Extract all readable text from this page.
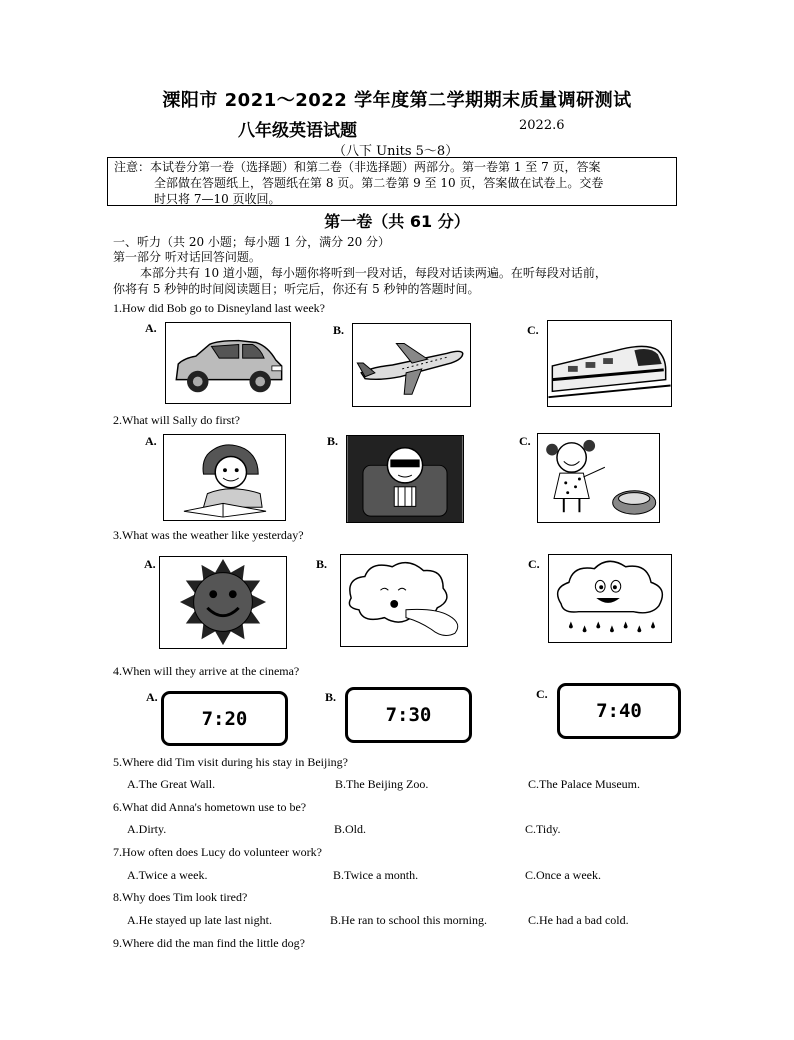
溧阳市 2021～2022 学年度第二学期期末质量调研测试
八年级英语试题	2022.6
（八下 Units 5～8）
注意：本试卷分第一卷（选择题）和第二卷（非选择题）两部分。第一卷第 1 至 7 页，答案
全部做在答题纸上，答题纸在第 8 页。第二卷第 9 至 10 页，答案做在试卷上。交卷
时只将 7—10 页收回。
第一卷（共 61 分）
一、听力（共 20 小题；每小题 1 分，满分 20 分）
第一部分 听对话回答问题。
本部分共有 10 道小题，每小题你将听到一段对话，每段对话读两遍。在听每段对话前，
你将有 5 秒钟的时间阅读题目；听完后，你还有 5 秒钟的答题时间。
1.How did Bob go to Disneyland last week?
A.	B.	C.
2.What will Sally do first?
A.	B.	C.
3.What was the weather like yesterday?
A.	B.	C.
4.When will they arrive at the cinema?
A.
7:20
B.
7:30
C.
7:40
5.Where did Tim visit during his stay in Beijing?
A.The Great Wall.	B.The Beijing Zoo.	C.The Palace Museum.
6.What did Anna's hometown use to be?
A.Dirty.	B.Old.	C.Tidy.
7.How often does Lucy do volunteer work?
A.Twice a week.	B.Twice a month.	C.Once a week.
8.Why does Tim look tired?
A.He stayed up late last night.	B.He ran to school this morning.	C.He had a bad cold.
9.Where did the man find the little dog?
